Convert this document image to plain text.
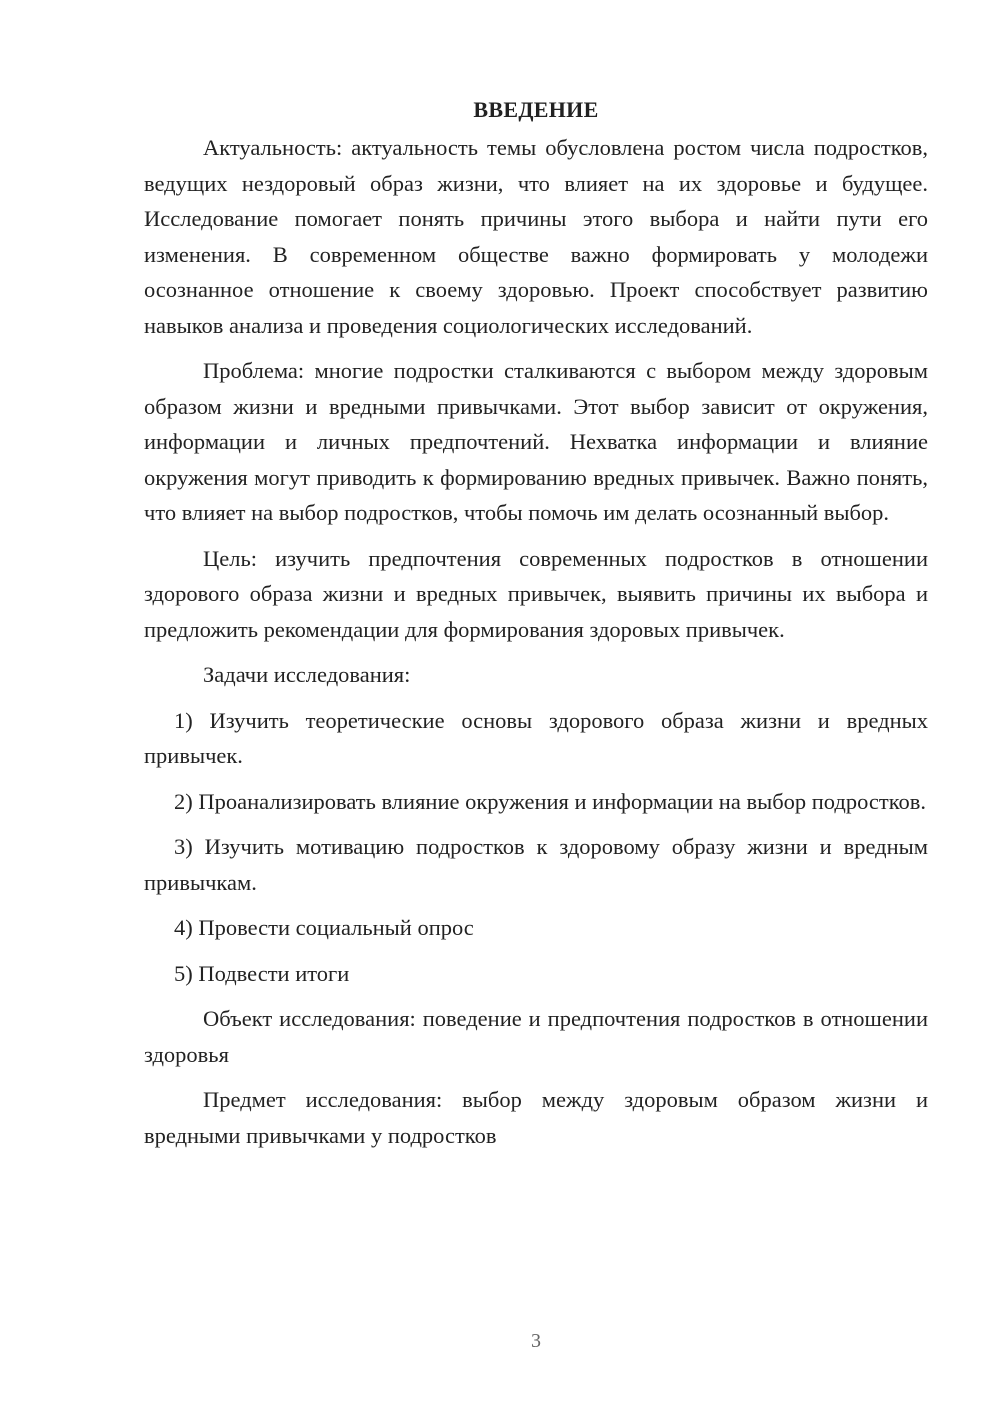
ВВЕДЕНИЕ

Актуальность: актуальность темы обусловлена ростом числа подростков, ведущих нездоровый образ жизни, что влияет на их здоровье и будущее. Исследование помогает понять причины этого выбора и найти пути его изменения. В современном обществе важно формировать у молодежи осознанное отношение к своему здоровью. Проект способствует развитию навыков анализа и проведения социологических исследований.

Проблема: многие подростки сталкиваются с выбором между здоровым образом жизни и вредными привычками. Этот выбор зависит от окружения, информации и личных предпочтений. Нехватка информации и влияние окружения могут приводить к формированию вредных привычек. Важно понять, что влияет на выбор подростков, чтобы помочь им делать осознанный выбор.

Цель: изучить предпочтения современных подростков в отношении здорового образа жизни и вредных привычек, выявить причины их выбора и предложить рекомендации для формирования здоровых привычек.

Задачи исследования:

1) Изучить теоретические основы здорового образа жизни и вредных привычек.

2) Проанализировать влияние окружения и информации на выбор подростков.

3) Изучить мотивацию подростков к здоровому образу жизни и вредным привычкам.

4) Провести социальный опрос

5) Подвести итоги

Объект исследования: поведение и предпочтения подростков в отношении здоровья

Предмет исследования: выбор между здоровым образом жизни и вредными привычками у подростков

3
